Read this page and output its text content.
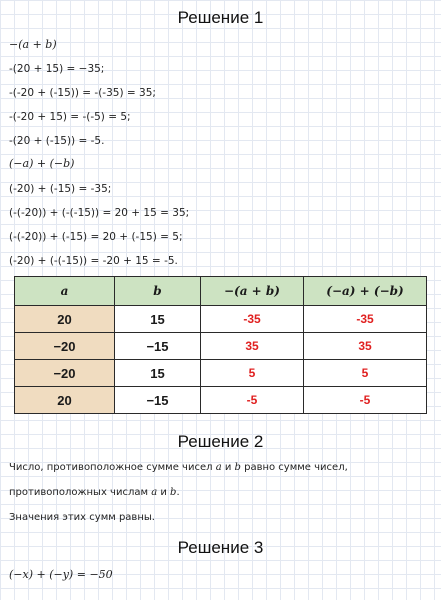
Решение 1
−(a + b)
-(20 + 15) = −35;
-(-20 + (-15)) = -(-35) = 35;
-(-20 + 15) = -(-5) = 5;
-(20 + (-15)) = -5.
(−a) + (−b)
(-20) + (-15) = -35;
(-(-20)) + (-(-15)) = 20 + 15 = 35;
(-(-20)) + (-15) = 20 + (-15) = 5;
(-20) + (-(-15)) = -20 + 15 = -5.
a	b	−(a + b)	(−a) + (−b)
20	15	-35	-35
−20	−15	35	35
−20	15	5	5
20	−15	-5	-5
Решение 2
Число, противоположное сумме чисел a и b равно сумме чисел,
противоположных числам a и b.
Значения этих сумм равны.
Решение 3
(−x) + (−y) = −50
